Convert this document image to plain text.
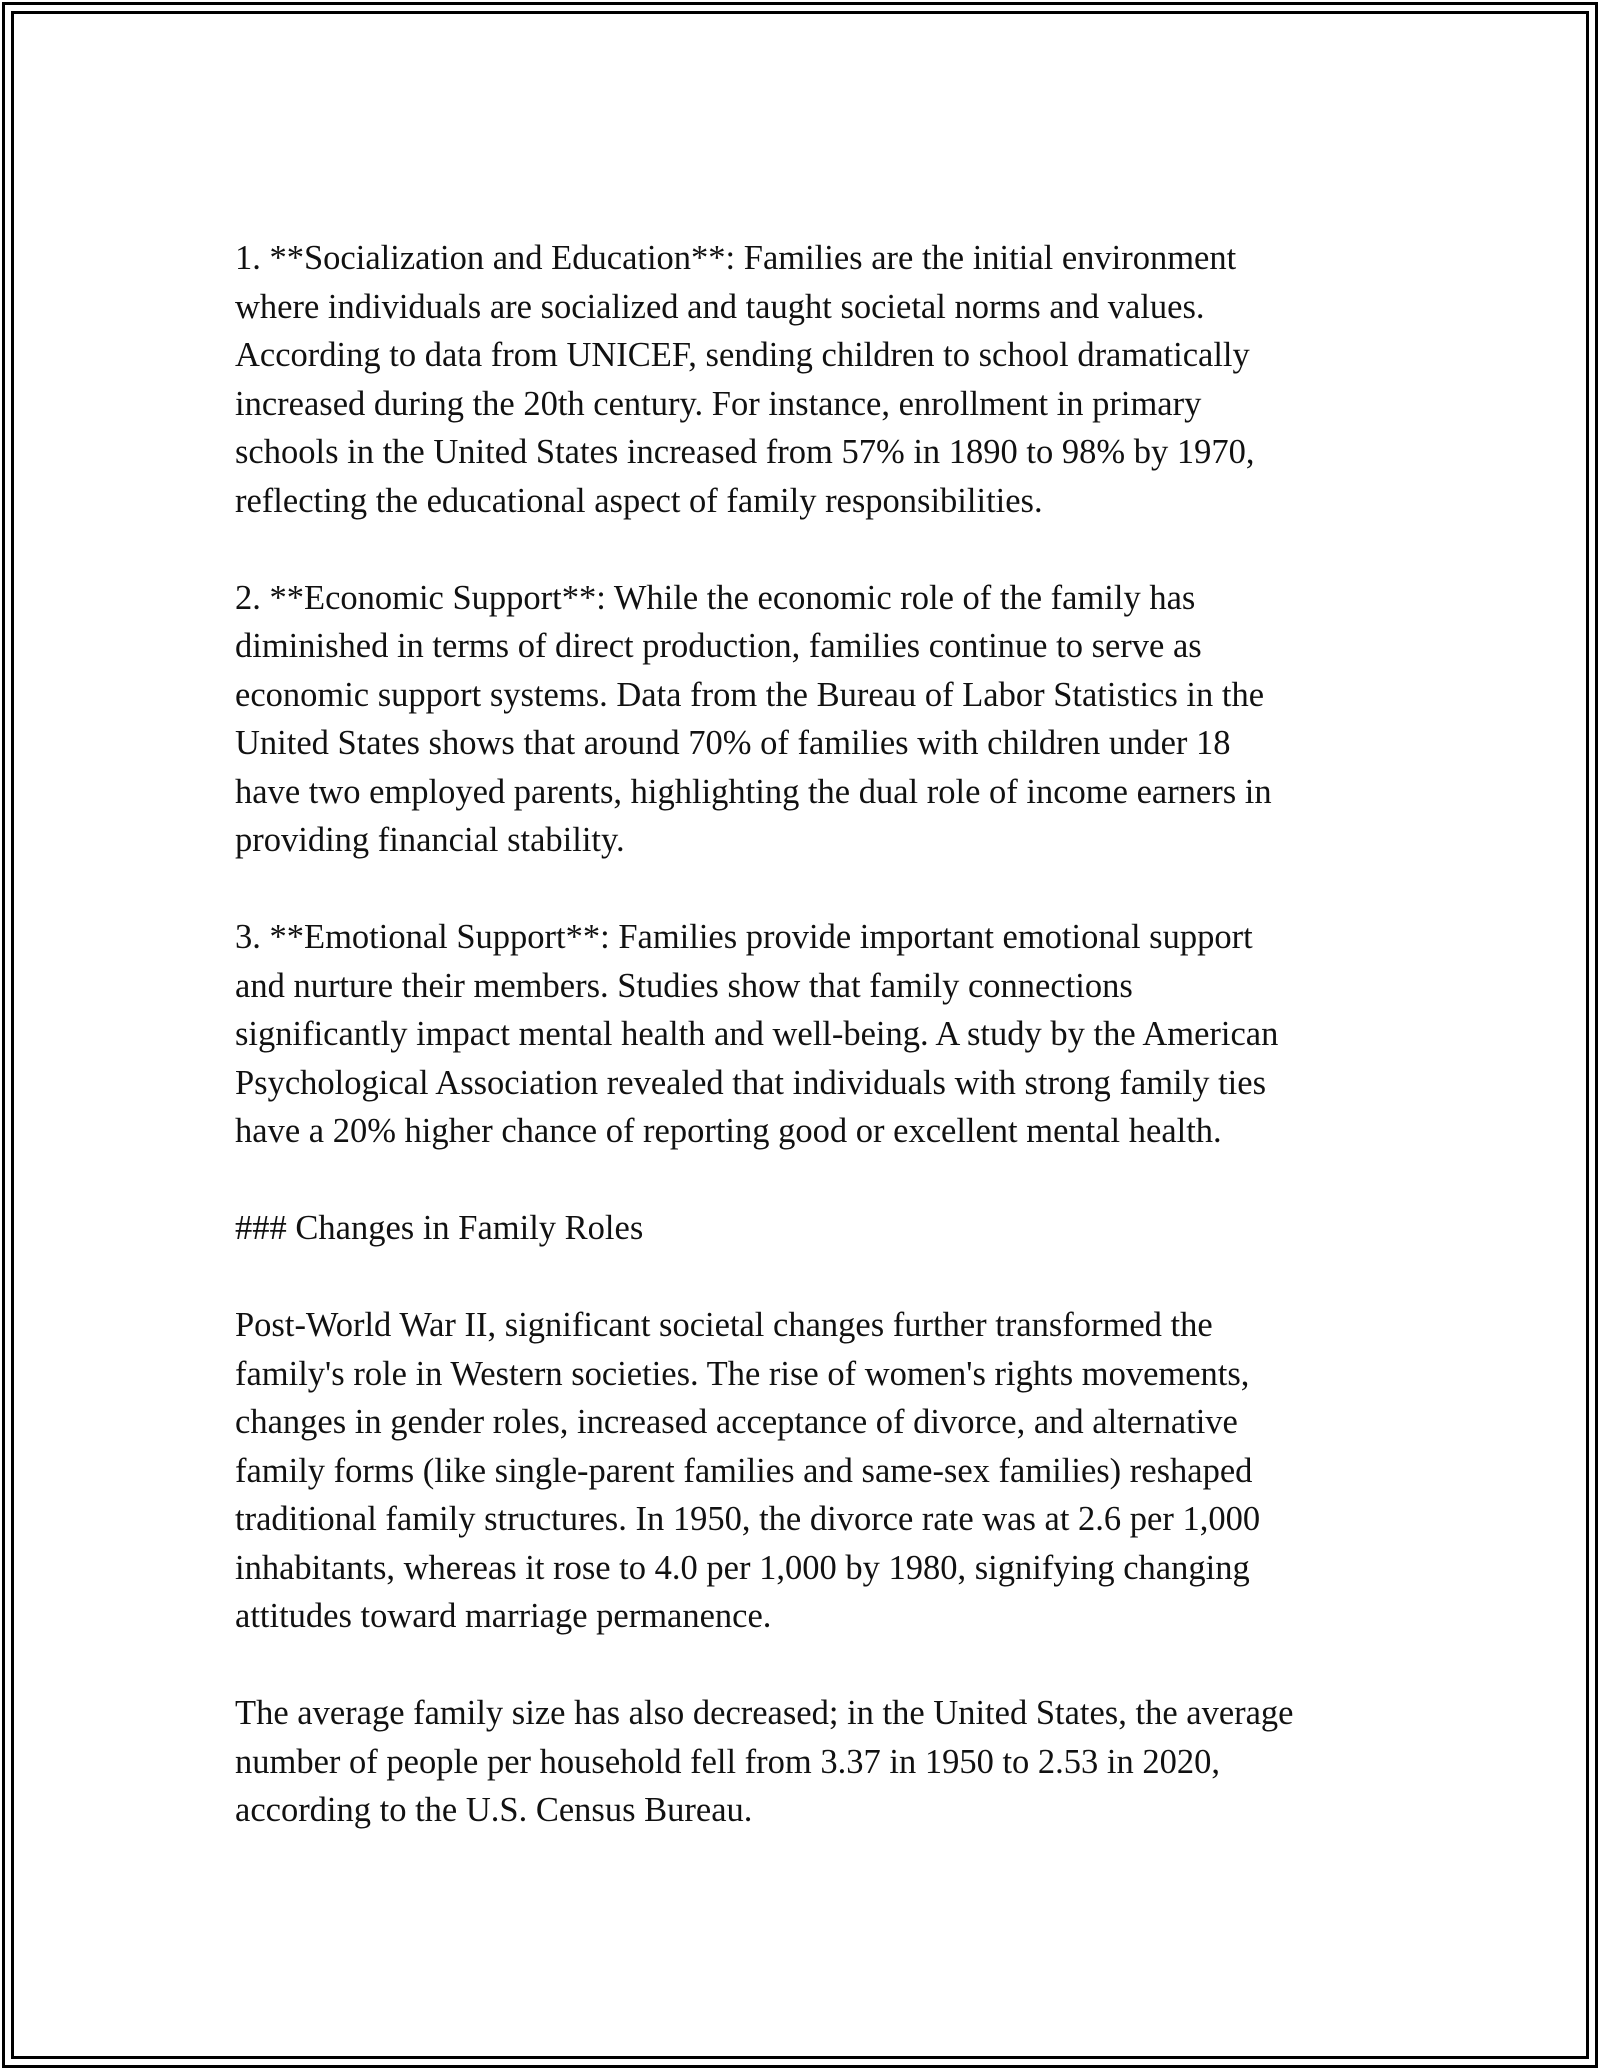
1. **Socialization and Education**: Families are the initial environment
where individuals are socialized and taught societal norms and values.
According to data from UNICEF, sending children to school dramatically
increased during the 20th century. For instance, enrollment in primary
schools in the United States increased from 57% in 1890 to 98% by 1970,
reflecting the educational aspect of family responsibilities.

2. **Economic Support**: While the economic role of the family has
diminished in terms of direct production, families continue to serve as
economic support systems. Data from the Bureau of Labor Statistics in the
United States shows that around 70% of families with children under 18
have two employed parents, highlighting the dual role of income earners in
providing financial stability.

3. **Emotional Support**: Families provide important emotional support
and nurture their members. Studies show that family connections
significantly impact mental health and well-being. A study by the American
Psychological Association revealed that individuals with strong family ties
have a 20% higher chance of reporting good or excellent mental health.

### Changes in Family Roles

Post-World War II, significant societal changes further transformed the
family's role in Western societies. The rise of women's rights movements,
changes in gender roles, increased acceptance of divorce, and alternative
family forms (like single-parent families and same-sex families) reshaped
traditional family structures. In 1950, the divorce rate was at 2.6 per 1,000
inhabitants, whereas it rose to 4.0 per 1,000 by 1980, signifying changing
attitudes toward marriage permanence.

The average family size has also decreased; in the United States, the average
number of people per household fell from 3.37 in 1950 to 2.53 in 2020,
according to the U.S. Census Bureau.
